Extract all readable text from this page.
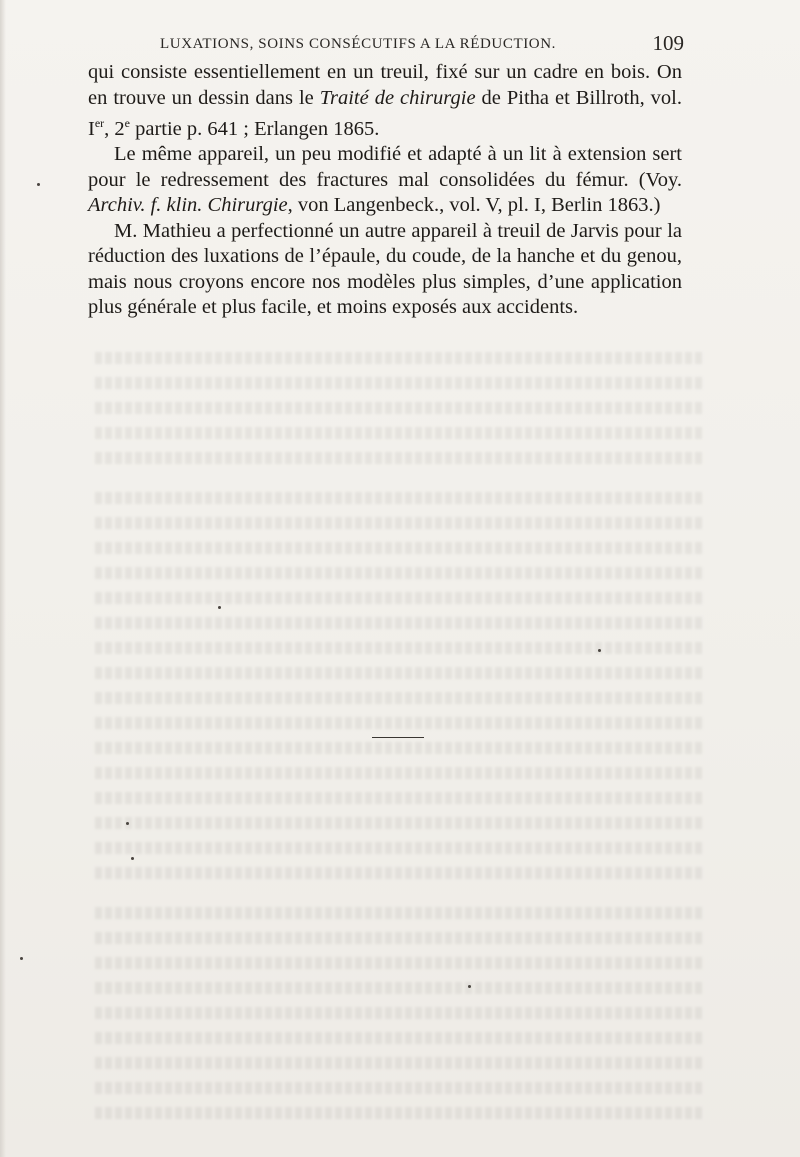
LUXATIONS, SOINS CONSÉCUTIFS A LA RÉDUCTION.	109

qui consiste essentiellement en un treuil, fixé sur un cadre en bois. On en trouve un dessin dans le Traité de chirurgie de Pitha et Billroth, vol. Ier, 2e partie p. 641 ; Erlangen 1865.

Le même appareil, un peu modifié et adapté à un lit à extension sert pour le redressement des fractures mal consolidées du fémur. (Voy. Archiv. f. klin. Chirurgie, von Langenbeck., vol. V, pl. I, Berlin 1863.)

M. Mathieu a perfectionné un autre appareil à treuil de Jarvis pour la réduction des luxations de l’épaule, du coude, de la hanche et du genou, mais nous croyons encore nos modèles plus simples, d’une application plus générale et plus facile, et moins exposés aux accidents.
